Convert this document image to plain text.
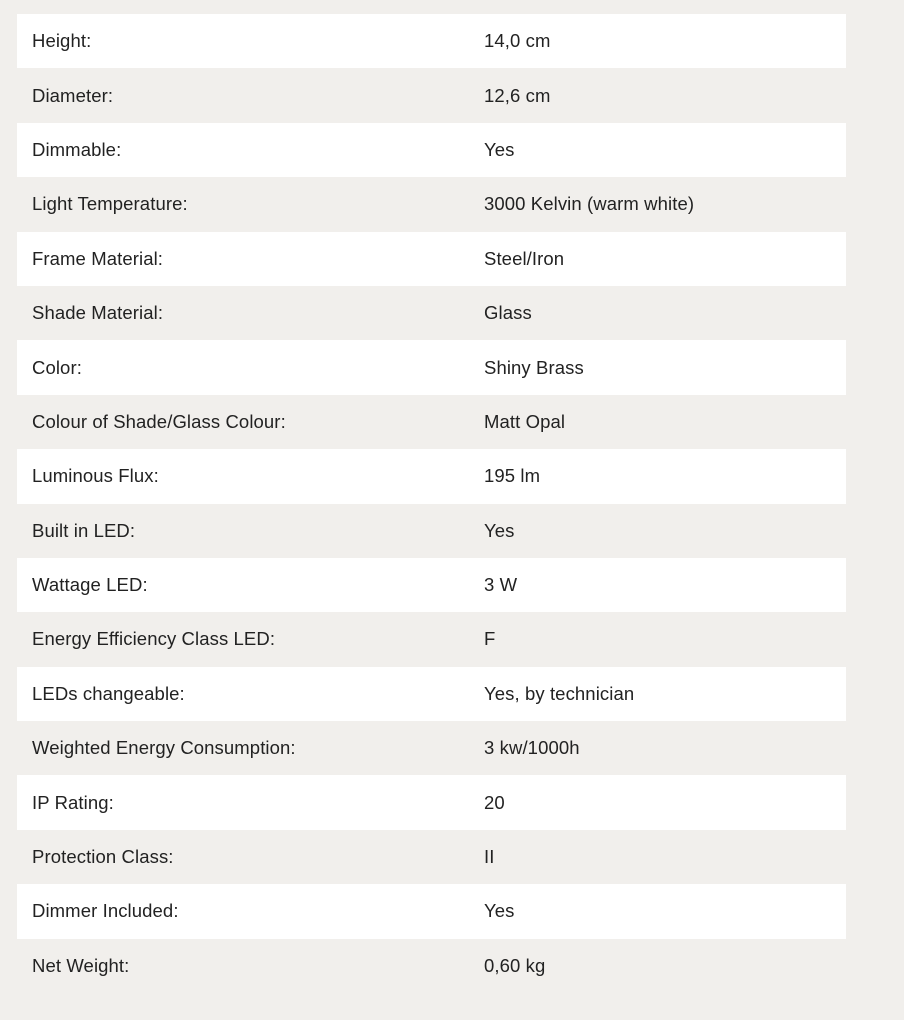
Height:	14,0 cm
Diameter:	12,6 cm
Dimmable:	Yes
Light Temperature:	3000 Kelvin (warm white)
Frame Material:	Steel/Iron
Shade Material:	Glass
Color:	Shiny Brass
Colour of Shade/Glass Colour:	Matt Opal
Luminous Flux:	195 lm
Built in LED:	Yes
Wattage LED:	3 W
Energy Efficiency Class LED:	F
LEDs changeable:	Yes, by technician
Weighted Energy Consumption:	3 kw/1000h
IP Rating:	20
Protection Class:	II
Dimmer Included:	Yes
Net Weight:	0,60 kg
